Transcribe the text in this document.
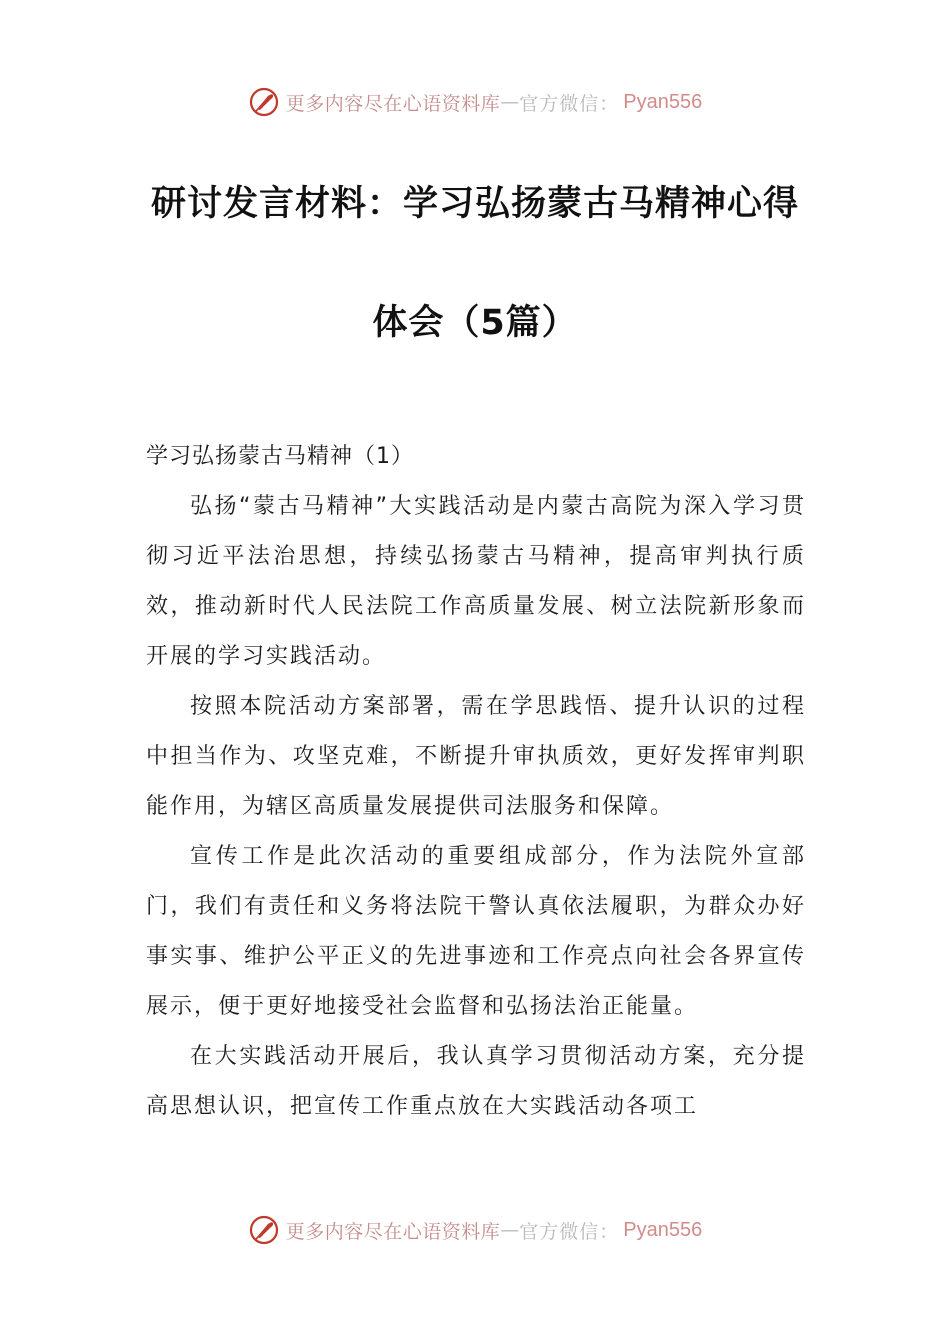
更多内容尽在心语资料库 — 官方微信： Pyan556
研讨发言材料：学习弘扬蒙古马精神心得
体会（5篇）

学习弘扬蒙古马精神（1）

弘扬“蒙古马精神”大实践活动是内蒙古高院为深入学习贯彻习近平法治思想，持续弘扬蒙古马精神，提高审判执行质效，推动新时代人民法院工作高质量发展、树立法院新形象而开展的学习实践活动。

按照本院活动方案部署，需在学思践悟、提升认识的过程中担当作为、攻坚克难，不断提升审执质效，更好发挥审判职能作用，为辖区高质量发展提供司法服务和保障。

宣传工作是此次活动的重要组成部分，作为法院外宣部门，我们有责任和义务将法院干警认真依法履职，为群众办好事实事、维护公平正义的先进事迹和工作亮点向社会各界宣传展示，便于更好地接受社会监督和弘扬法治正能量。

在大实践活动开展后，我认真学习贯彻活动方案，充分提高思想认识，把宣传工作重点放在大实践活动各项工

更多内容尽在心语资料库 — 官方微信： Pyan556
